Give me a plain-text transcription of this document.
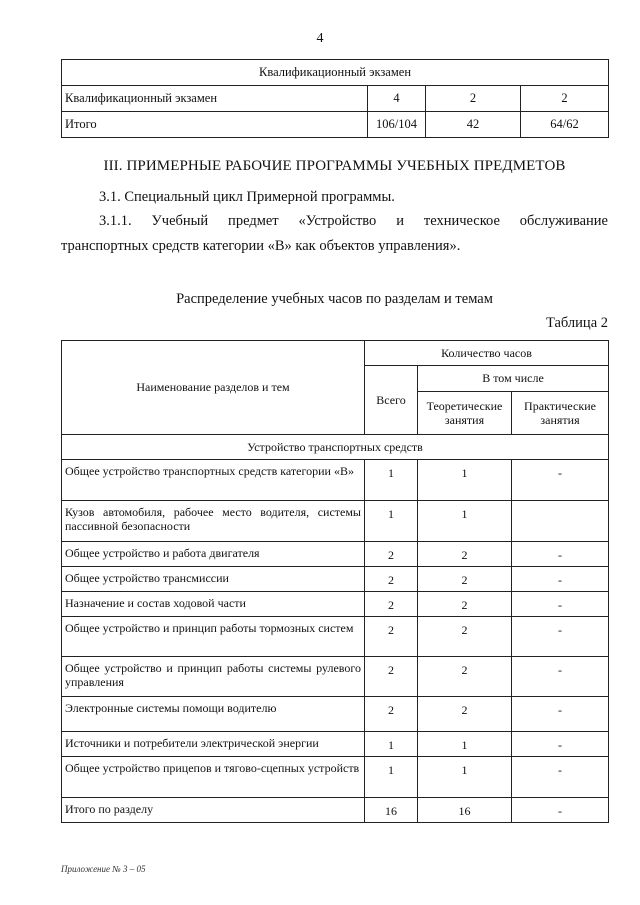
4
Квалификационный экзамен			
Квалификационный экзамен	4	2	2
Итого	106/104	42	64/62
III. ПРИМЕРНЫЕ РАБОЧИЕ ПРОГРАММЫ УЧЕБНЫХ ПРЕДМЕТОВ
3.1. Специальный цикл Примерной программы.
3.1.1. Учебный предмет «Устройство и техническое обслуживание
транспортных средств категории «В» как объектов управления».
Распределение учебных часов по разделам и темам
Таблица 2
Наименование разделов и тем	Количество часов		
	Всего	В том числе	
		Теоретические занятия	Практические занятия
Устройство транспортных средств			
Общее устройство транспортных средств категории «В»	1	1	-
Кузов автомобиля, рабочее место водителя, системы пассивной безопасности	1	1	
Общее устройство и работа двигателя	2	2	-
Общее устройство трансмиссии	2	2	-
Назначение и состав ходовой части	2	2	-
Общее устройство и принцип работы тормозных систем	2	2	-
Общее устройство и принцип работы системы рулевого управления	2	2	-
Электронные системы помощи водителю	2	2	-
Источники и потребители электрической энергии	1	1	-
Общее устройство прицепов и тягово-сцепных устройств	1	1	-
Итого по разделу	16	16	-
Приложение № 3 – 05
